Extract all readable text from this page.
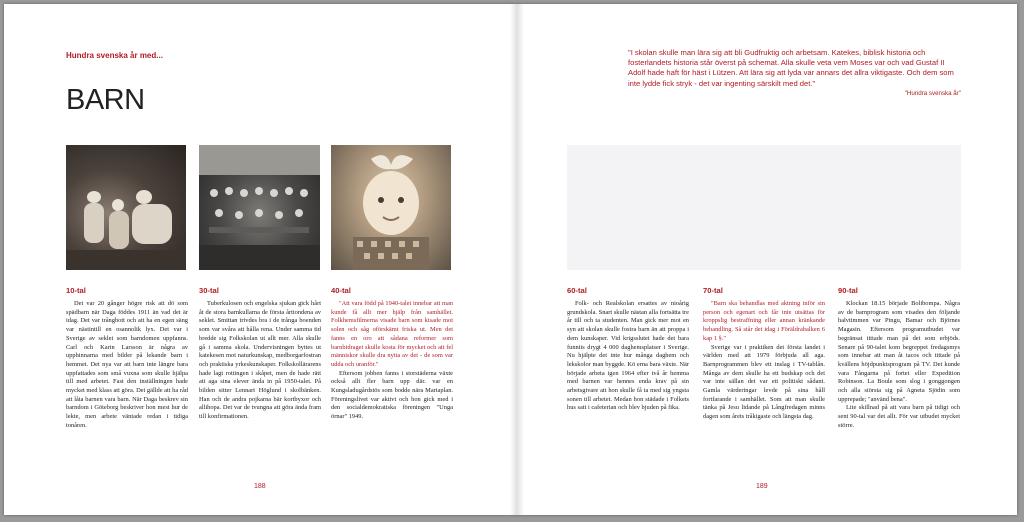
Hundra svenska år med...
BARN
10-tal

Det var 20 gånger högre risk att dö som spädbarn när Daga föddes 1911 än vad det är idag. Det var trångbott och att ha en egen säng var nästintill en osannolik lyx. Det var i Sverige av seklet som barndomen uppfanns. Carl och Karin Larsson är några av upphinnarna med bilder på lekande barn i hemmet. Det nya var att barn inte längre bara uppfattades som små vuxna som skulle hjälpa till med arbetet. Fast den inställningen hade mycket med klass att göra. Det gällde att ha råd att låta barnen vara barn. När Daga beskrev sin barndom i Göteborg beskriver hon mest hur de lekte, men arbete väntade redan i tidiga tonåren.

30-tal

Tuberkulosen och engelska sjukan gick hårt åt de stora barnkullarna de första årtiondena av seklet. Smittan trivdes bra i de trånga boenden som var svåra att hålla rena. Under samma tid bredde sig Folkskolan ut allt mer. Alla skulle gå i samma skola. Undervisningen byttes ut katekesen mot naturkunskap, medborgarfostran och praktiska yrkeskunskaper. Folkskollärarens hade lagt rottingen i skåpet, men de hade rätt att aga sina elever ända in på 1950-talet. På bilden sitter Lennart Höglund i skolbänken. Han och de andra pojkarna bär kortbyxor och allihopa. Det var de tvungna att göra ända fram till konfirmationen.

40-tal

"Att vara född på 1940-talet innebar att man kunde få allt mer hjälp från samhället. Folkhemsfilmerna visade barn som kisade mot solen och såg oförskämt friska ut. Men det fanns en oro att sådana reformer som barnbidraget skulle kosta för mycket och att fel människor skulle dra nytta av det - de som var udda och uranför."

Eftersom jobben fanns i storstäderna växte också allt fler barn upp där. var en Kungsladugårdstös som bodde nära Mariaplan. Föreningslivet var aktivt och hon gick med i den socialdemokratiska föreningen "Unga örnar" 1949.

188
"I skolan skulle man lära sig att bli Gudfruktig och arbetsam. Katekes, biblisk historia och fosterlandets historia står överst på schemat. Alla skulle veta vem Moses var och vad Gustaf II Adolf hade haft för häst i Lützen. Att lära sig att lyda var annars det allra viktigaste. Och dem som inte lydde fick stryk - det var ingenting särskilt med det."
"Hundra svenska år"
60-tal

Folk- och Realskolan ersattes av nioårig grundskola. Snart skulle nästan alla fortsätta tre år till och ta studenten. Man gick mer mot en syn att skolan skulle fostra barn än att proppa i dem kunskaper. Vid krigsslutet hade det bara funnits drygt 4 000 daghemsplatser i Sverige. Nu hjälpte det inte hur många daghem och lekskolor man byggde. Kö erna bara växte. När började arbeta igen 1964 efter två år hemma med barnen var hennes enda krav på sin arbetsgivare att hon skulle få ta med sig yngsta sonen till arbetet. Medan hon städade i Folkets hus satt i cafeterian och blev bjuden på fika.

70-tal

"Barn ska behandlas med aktning inför sin person och egenart och får inte utsättas för kroppslig bestraffning eller annan kränkande behandling. Så står det idag i Föräldrabalken 6 kap 1 §."

Sverige var i praktiken det första landet i världen med att 1979 förbjuda all aga. Barnprogrammen blev ett inslag i TV-tablån. Många av dem skulle ha ett budskap och det var inte sällan det var ett politiskt sådant. Gamla värderingar levde på sina håll fortfarande i samhället. Som att man skulle tänka på Jesu lidande på Långfredagen minns dagen som årets tråkigaste och längsta dag.

90-tal

Klockan 18.15 började Bolibompa. Några av de barnprogram som visades den följande halvtimmen var Pingu, Bamar och Björnes Magasin. Eftersom programutbudet var begränsat tittade man på det som erbjöds. Senare på 90-talet kom begreppet fredagsmys som innebar att man åt tacos och tittade på kvällens höjdpunktsprogram på TV. Det kunde vara Fångarna på fortet eller Expedition Robinson. La Boule som slog i gonggongen och alla största sig på Agneta Sjödin som upprepade; "använd bena".

Lite skillnad på att vara barn på tidigt och sent 90-tal var det allt. För var utbudet mycket större.

189
